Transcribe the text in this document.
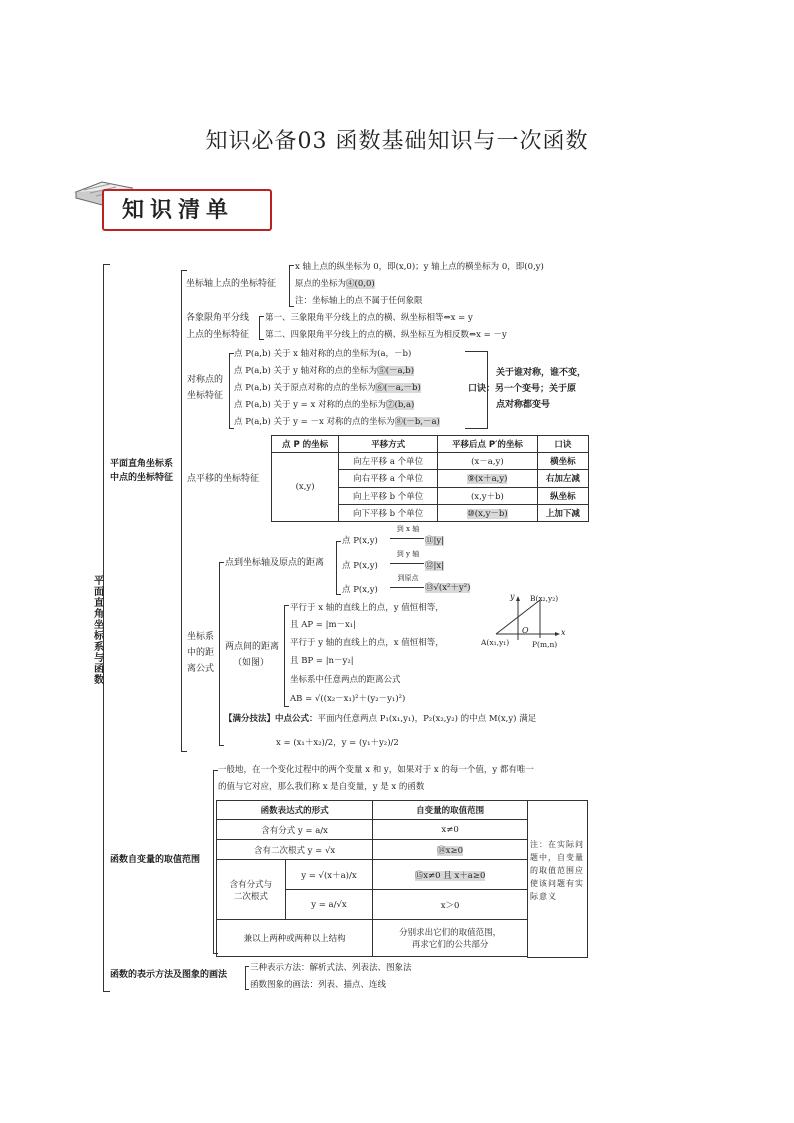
知识必备03 函数基础知识与一次函数
知识清单
平面直角坐标系与函数
平面直角坐标系
中点的坐标特征
坐标轴上点的坐标特征
x 轴上点的纵坐标为 0，即(x,0)；y 轴上点的横坐标为 0，即(0,y)
原点的坐标为④(0,0)
注：坐标轴上的点不属于任何象限
各象限角平分线
上点的坐标特征
第一、三象限角平分线上的点的横、纵坐标相等⇔x = y
第二、四象限角平分线上的点的横、纵坐标互为相反数⇔x = －y
对称点的
坐标特征
点 P(a,b) 关于 x 轴对称的点的坐标为(a，－b)
点 P(a,b) 关于 y 轴对称的点的坐标为⑤(－a,b)
点 P(a,b) 关于原点对称的点的坐标为⑥(－a,－b)
点 P(a,b) 关于 y = x 对称的点的坐标为⑦(b,a)
点 P(a,b) 关于 y = －x 对称的点的坐标为⑧(－b,－a)
关于谁对称，谁不变，
口诀：另一个变号；关于原
点对称都变号
点平移的坐标特征
点 P 的坐标	平移方式	平移后点 P′的坐标	口诀
(x,y)	向左平移 a 个单位	(x－a,y)	横坐标
	向右平移 a 个单位	⑨(x＋a,y)	右加左减
	向上平移 b 个单位	(x,y＋b)	纵坐标
	向下平移 b 个单位	⑩(x,y－b)	上加下减
坐标系
中的距
离公式
点到坐标轴及原点的距离
点 P(x,y)
到 x 轴
⑪|y|
点 P(x,y)
到 y 轴
⑫|x|
点 P(x,y)
到原点
⑬√(x²＋y²)
两点间的距离
（如图）
平行于 x 轴的直线上的点，y 值恒相等，
且 AP = |m－x₁|
平行于 y 轴的直线上的点，x 值恒相等，
且 BP = |n－y₂|
坐标系中任意两点的距离公式
AB = √((x₂－x₁)²＋(y₂－y₁)²)
y B(x₂,y₂)
O	x
A(x₁,y₁)	P(m,n)
【满分技法】中点公式：平面内任意两点 P₁(x₁,y₁)，P₂(x₂,y₂) 的中点 M(x,y) 满足
x = (x₁＋x₂)/2，y = (y₁＋y₂)/2
函数自变量的取值范围
一般地，在一个变化过程中的两个变量 x 和 y，如果对于 x 的每一个值，y 都有唯一
的值与它对应，那么我们称 x 是自变量，y 是 x 的函数
函数表达式的形式		自变量的取值范围
含有分式 y = a/x		x≠0
含有二次根式 y = √x		⑭x≥0

含有分式与
二次根式	y = √(x＋a)/x	⑮x≠0 且 x＋a≥0
	y = a/√x	x＞0
兼以上两种或两种以上结构		分别求出它们的取值范围，
再求它们的公共部分
注：在实际问题中，自变量的取值范围应使该问题有实际意义
函数的表示方法及图象的画法
三种表示方法：解析式法、列表法、图象法
函数图象的画法：列表、描点、连线
